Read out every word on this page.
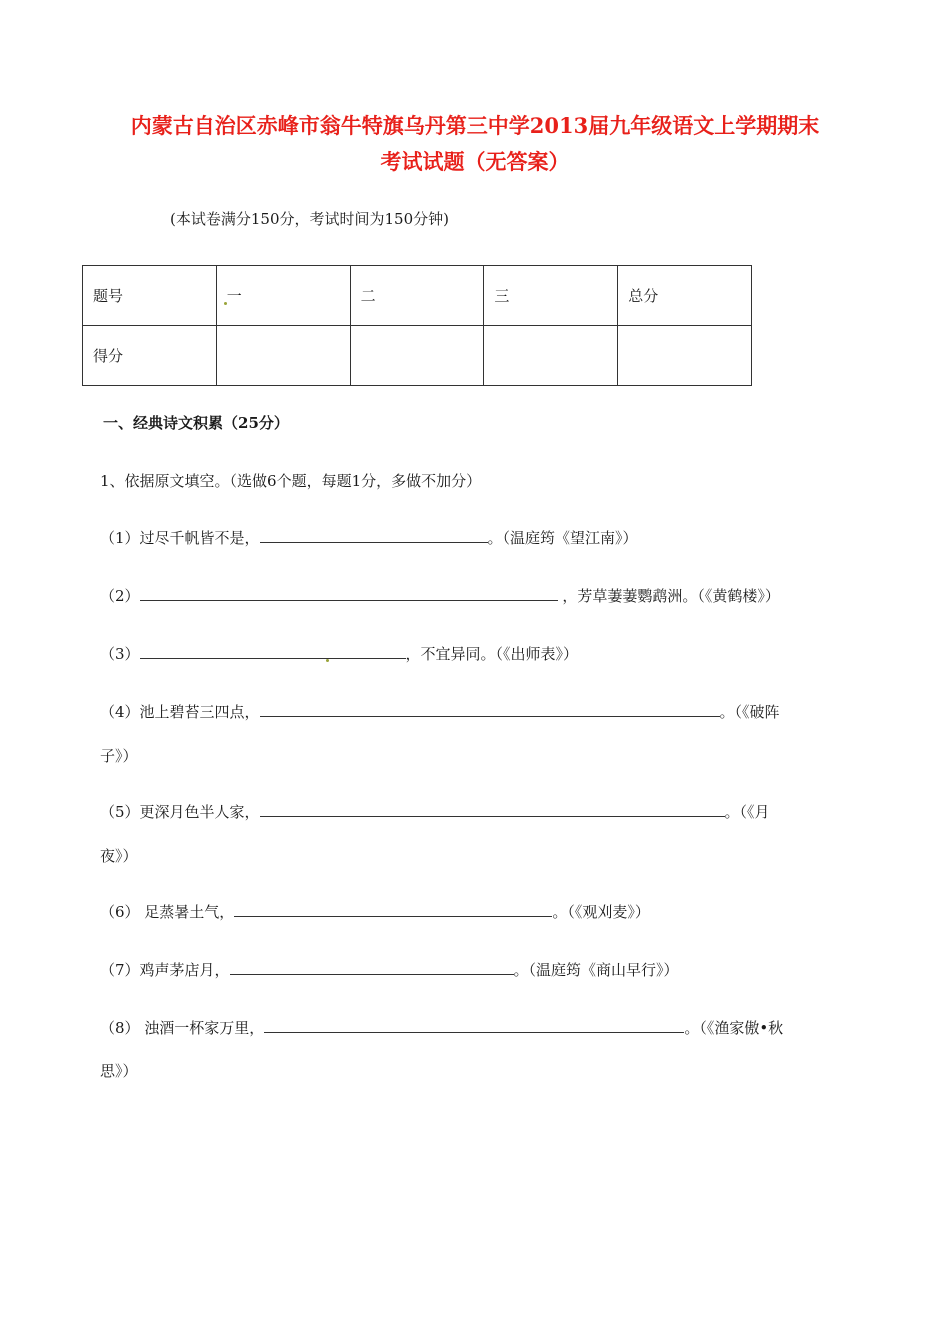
内蒙古自治区赤峰市翁牛特旗乌丹第三中学2013届九年级语文上学期期末
考试试题（无答案）
(本试卷满分150分，考试时间为150分钟)
题号	一	二	三	总分
得分				
一、经典诗文积累（25分）
1、依据原文填空。（选做6个题，每题1分，多做不加分）
（1）过尽千帆皆不是，	。（温庭筠《望江南》）
（2）	，芳草萋萋鹦鹉洲。（《黄鹤楼》）
（3）	，不宜异同。（《出师表》）
（4）池上碧苔三四点，	。（《破阵
子》）
（5）更深月色半人家，	。（《月
夜》）
（6） 足蒸暑土气，	。（《观刈麦》）
（7）鸡声茅店月，	。（温庭筠《商山早行》）
（8） 浊酒一杯家万里，	。（《渔家傲•秋
思》）
